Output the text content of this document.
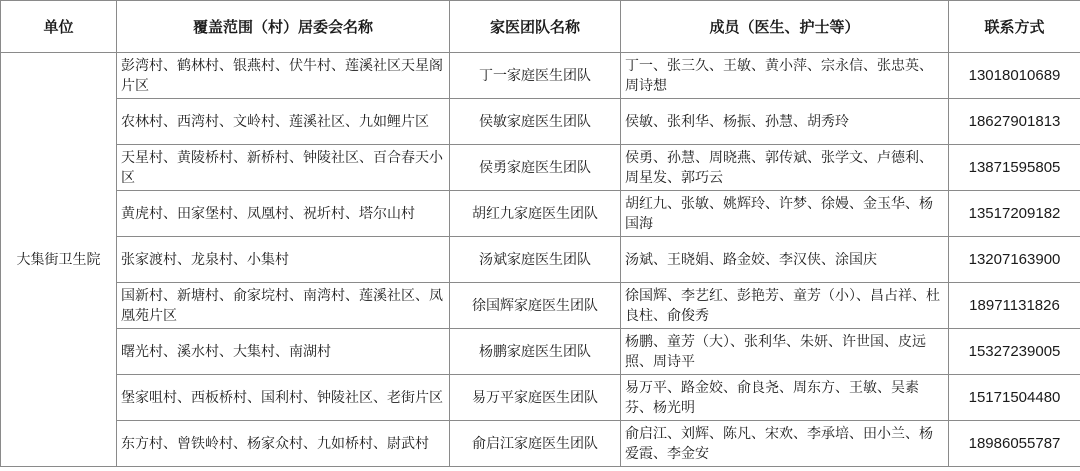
单位	覆盖范围（村）居委会名称	家医团队名称	成员（医生、护士等）	联系方式
大集街卫生院	彭湾村、鹤林村、银燕村、伏牛村、莲溪社区天星阁片区	丁一家庭医生团队	丁一、张三久、王敏、黄小萍、宗永信、张忠英、周诗想	13018010689
	农林村、西湾村、文岭村、莲溪社区、九如鲤片区	侯敏家庭医生团队	侯敏、张利华、杨振、孙慧、胡秀玲	18627901813
	天星村、黄陵桥村、新桥村、钟陵社区、百合春天小区	侯勇家庭医生团队	侯勇、孙慧、周晓燕、郭传斌、张学文、卢德利、周星发、郭巧云	13871595805
	黄虎村、田家堡村、凤凰村、祝圻村、塔尔山村	胡红九家庭医生团队	胡红九、张敏、姚辉玲、许梦、徐嫚、金玉华、杨国海	13517209182
	张家渡村、龙泉村、小集村	汤斌家庭医生团队	汤斌、王晓娟、路金姣、李汉侠、涂国庆	13207163900
	国新村、新塘村、俞家垸村、南湾村、莲溪社区、凤凰苑片区	徐国辉家庭医生团队	徐国辉、李艺红、彭艳芳、童芳（小）、昌占祥、杜良柱、俞俊秀	18971131826
	曙光村、溪水村、大集村、南湖村	杨鹏家庭医生团队	杨鹏、童芳（大）、张利华、朱妍、许世国、皮远照、周诗平	15327239005
	堡家咀村、西板桥村、国利村、钟陵社区、老街片区	易万平家庭医生团队	易万平、路金姣、俞良尧、周东方、王敏、吴素芬、杨光明	15171504480
	东方村、曾铁岭村、杨家众村、九如桥村、尉武村	俞启江家庭医生团队	俞启江、刘辉、陈凡、宋欢、李承培、田小兰、杨爱霞、李金安	18986055787
